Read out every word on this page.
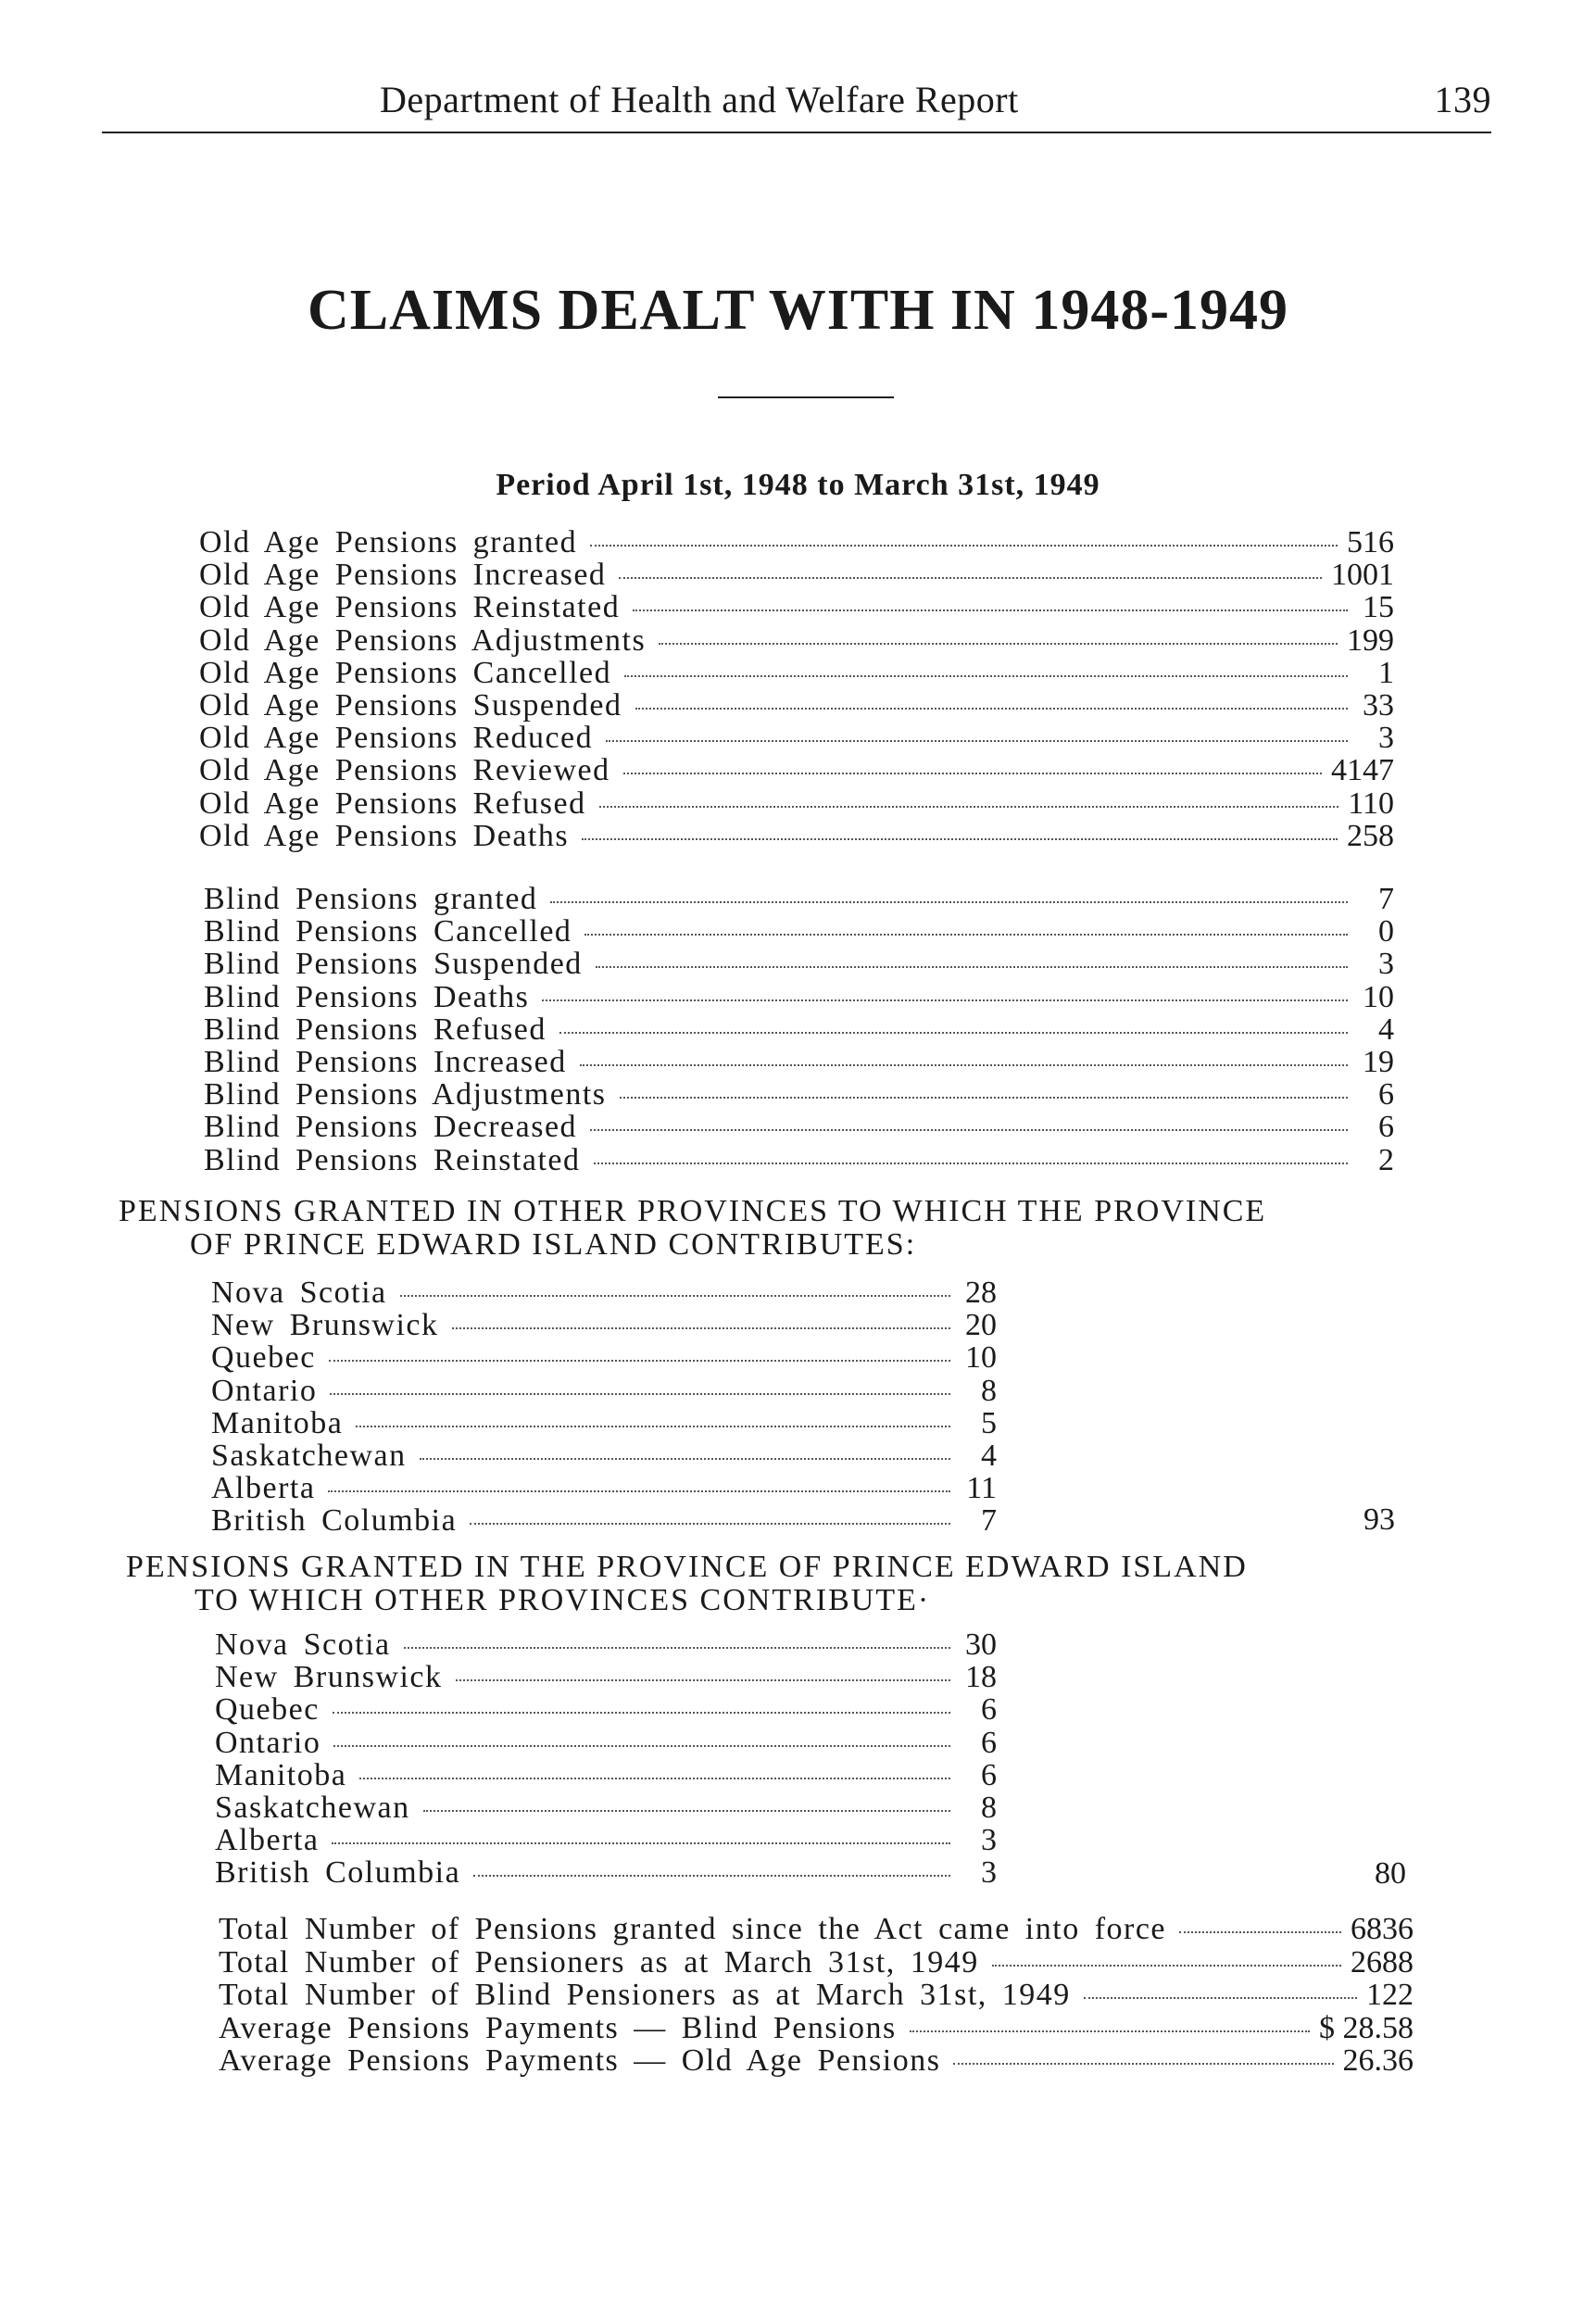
Department of Health and Welfare Report	139
CLAIMS DEALT WITH IN 1948-1949
Period April 1st, 1948 to March 31st, 1949
Old Age Pensions granted	516
Old Age Pensions Increased	1001
Old Age Pensions Reinstated	15
Old Age Pensions Adjustments	199
Old Age Pensions Cancelled	1
Old Age Pensions Suspended	33
Old Age Pensions Reduced	3
Old Age Pensions Reviewed	4147
Old Age Pensions Refused	110
Old Age Pensions Deaths	258
Blind Pensions granted	7
Blind Pensions Cancelled	0
Blind Pensions Suspended	3
Blind Pensions Deaths	10
Blind Pensions Refused	4
Blind Pensions Increased	19
Blind Pensions Adjustments	6
Blind Pensions Decreased	6
Blind Pensions Reinstated	2
PENSIONS GRANTED IN OTHER PROVINCES TO WHICH THE PROVINCE
OF PRINCE EDWARD ISLAND CONTRIBUTES:
Nova Scotia	28
New Brunswick	20
Quebec	10
Ontario	8
Manitoba	5
Saskatchewan	4
Alberta	11
British Columbia	7	93
PENSIONS GRANTED IN THE PROVINCE OF PRINCE EDWARD ISLAND
TO WHICH OTHER PROVINCES CONTRIBUTE·
Nova Scotia	30
New Brunswick	18
Quebec	6
Ontario	6
Manitoba	6
Saskatchewan	8
Alberta	3
British Columbia	3	80
Total Number of Pensions granted since the Act came into force	6836
Total Number of Pensioners as at March 31st, 1949	2688
Total Number of Blind Pensioners as at March 31st, 1949	122
Average Pensions Payments — Blind Pensions	$ 28.58
Average Pensions Payments — Old Age Pensions	26.36
